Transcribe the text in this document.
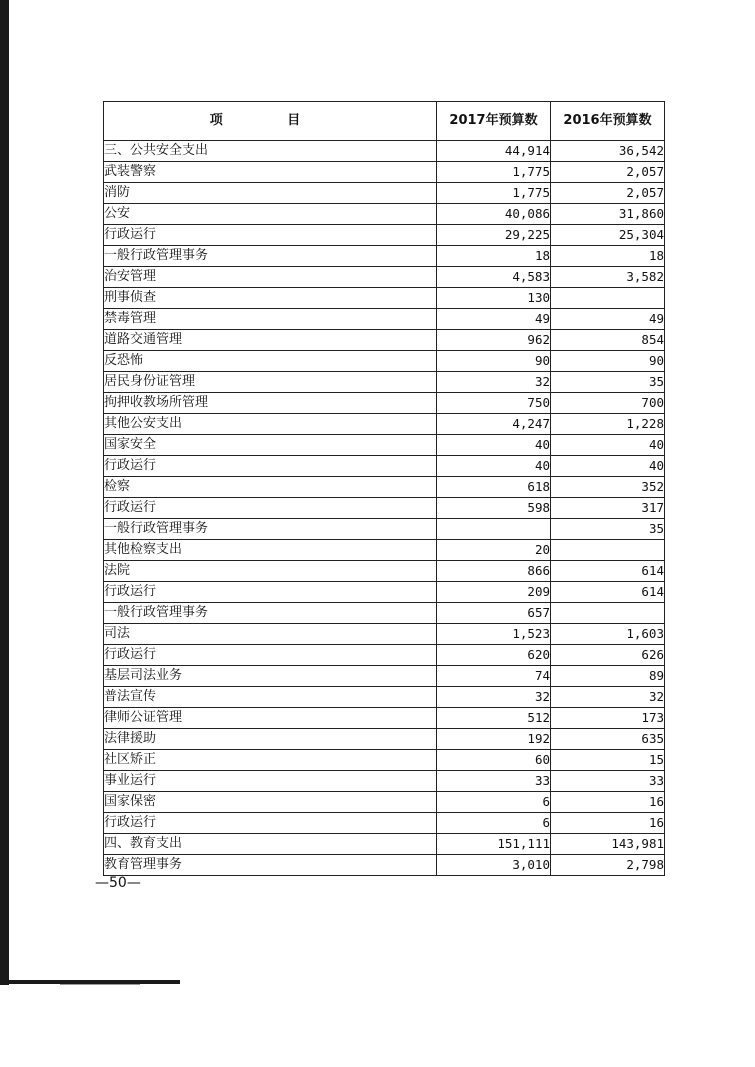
项 目	2017年预算数	2016年预算数
三、公共安全支出	44,914	36,542
武装警察	1,775	2,057
消防	1,775	2,057
公安	40,086	31,860
行政运行	29,225	25,304
一般行政管理事务	18	18
治安管理	4,583	3,582
刑事侦查	130	
禁毒管理	49	49
道路交通管理	962	854
反恐怖	90	90
居民身份证管理	32	35
拘押收教场所管理	750	700
其他公安支出	4,247	1,228
国家安全	40	40
行政运行	40	40
检察	618	352
行政运行	598	317
一般行政管理事务		35
其他检察支出	20	
法院	866	614
行政运行	209	614
一般行政管理事务	657	
司法	1,523	1,603
行政运行	620	626
基层司法业务	74	89
普法宣传	32	32
律师公证管理	512	173
法律援助	192	635
社区矫正	60	15
事业运行	33	33
国家保密	6	16
行政运行	6	16
四、教育支出	151,111	143,981
教育管理事务	3,010	2,798
—50—
